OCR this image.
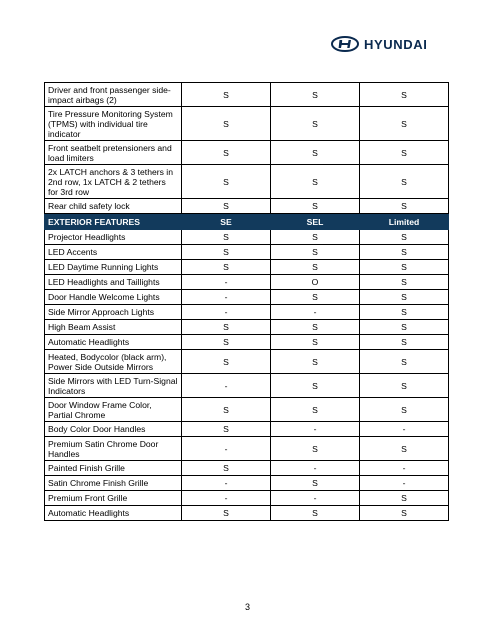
HYUNDAI
Driver and front passenger side-impact airbags (2)	S	S	S
Tire Pressure Monitoring System (TPMS) with individual tire indicator	S	S	S
Front seatbelt pretensioners and load limiters	S	S	S
2x LATCH anchors & 3 tethers in 2nd row, 1x LATCH & 2 tethers for 3rd row	S	S	S
Rear child safety lock	S	S	S
EXTERIOR FEATURES	SE	SEL	Limited
Projector Headlights	S	S	S
LED Accents	S	S	S
LED Daytime Running Lights	S	S	S
LED Headlights and Taillights	-	O	S
Door Handle Welcome Lights	-	S	S
Side Mirror Approach Lights	-	-	S
High Beam Assist	S	S	S
Automatic Headlights	S	S	S
Heated, Bodycolor (black arm), Power Side Outside Mirrors	S	S	S
Side Mirrors with LED Turn-Signal Indicators	-	S	S
Door Window Frame Color, Partial Chrome	S	S	S
Body Color Door Handles	S	-	-
Premium Satin Chrome Door Handles	-	S	S
Painted Finish Grille	S	-	-
Satin Chrome Finish Grille	-	S	-
Premium Front Grille	-	-	S
Automatic Headlights	S	S	S
3
